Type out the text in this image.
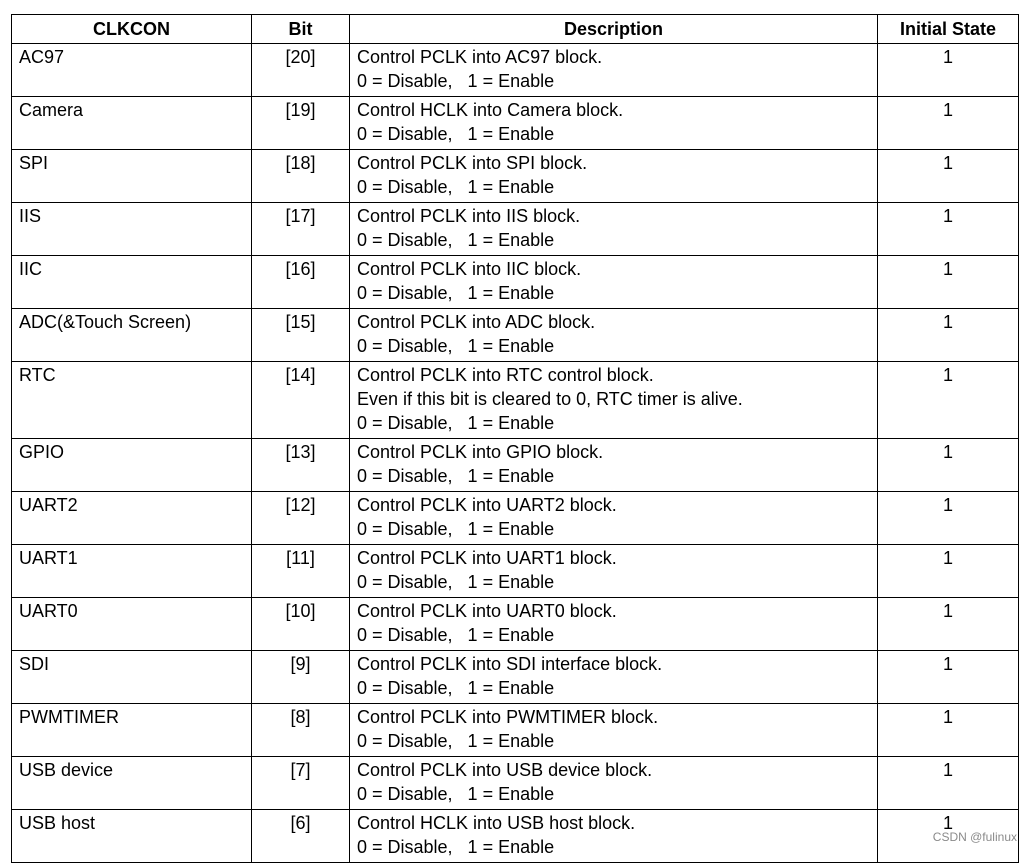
CLKCON	Bit	Description	Initial State
AC97	[20]	Control PCLK into AC97 block.
0 = Disable,   1 = Enable	1
Camera	[19]	Control HCLK into Camera block.
0 = Disable,   1 = Enable	1
SPI	[18]	Control PCLK into SPI block.
0 = Disable,   1 = Enable	1
IIS	[17]	Control PCLK into IIS block.
0 = Disable,   1 = Enable	1
IIC	[16]	Control PCLK into IIC block.
0 = Disable,   1 = Enable	1
ADC(&Touch Screen)	[15]	Control PCLK into ADC block.
0 = Disable,   1 = Enable	1
RTC	[14]	Control PCLK into RTC control block.
Even if this bit is cleared to 0, RTC timer is alive.
0 = Disable,   1 = Enable	1
GPIO	[13]	Control PCLK into GPIO block.
0 = Disable,   1 = Enable	1
UART2	[12]	Control PCLK into UART2 block.
0 = Disable,   1 = Enable	1
UART1	[11]	Control PCLK into UART1 block.
0 = Disable,   1 = Enable	1
UART0	[10]	Control PCLK into UART0 block.
0 = Disable,   1 = Enable	1
SDI	[9]	Control PCLK into SDI interface block.
0 = Disable,   1 = Enable	1
PWMTIMER	[8]	Control PCLK into PWMTIMER block.
0 = Disable,   1 = Enable	1
USB device	[7]	Control PCLK into USB device block.
0 = Disable,   1 = Enable	1
USB host	[6]	Control HCLK into USB host block.
0 = Disable,   1 = Enable	1
CSDN @fulinux
